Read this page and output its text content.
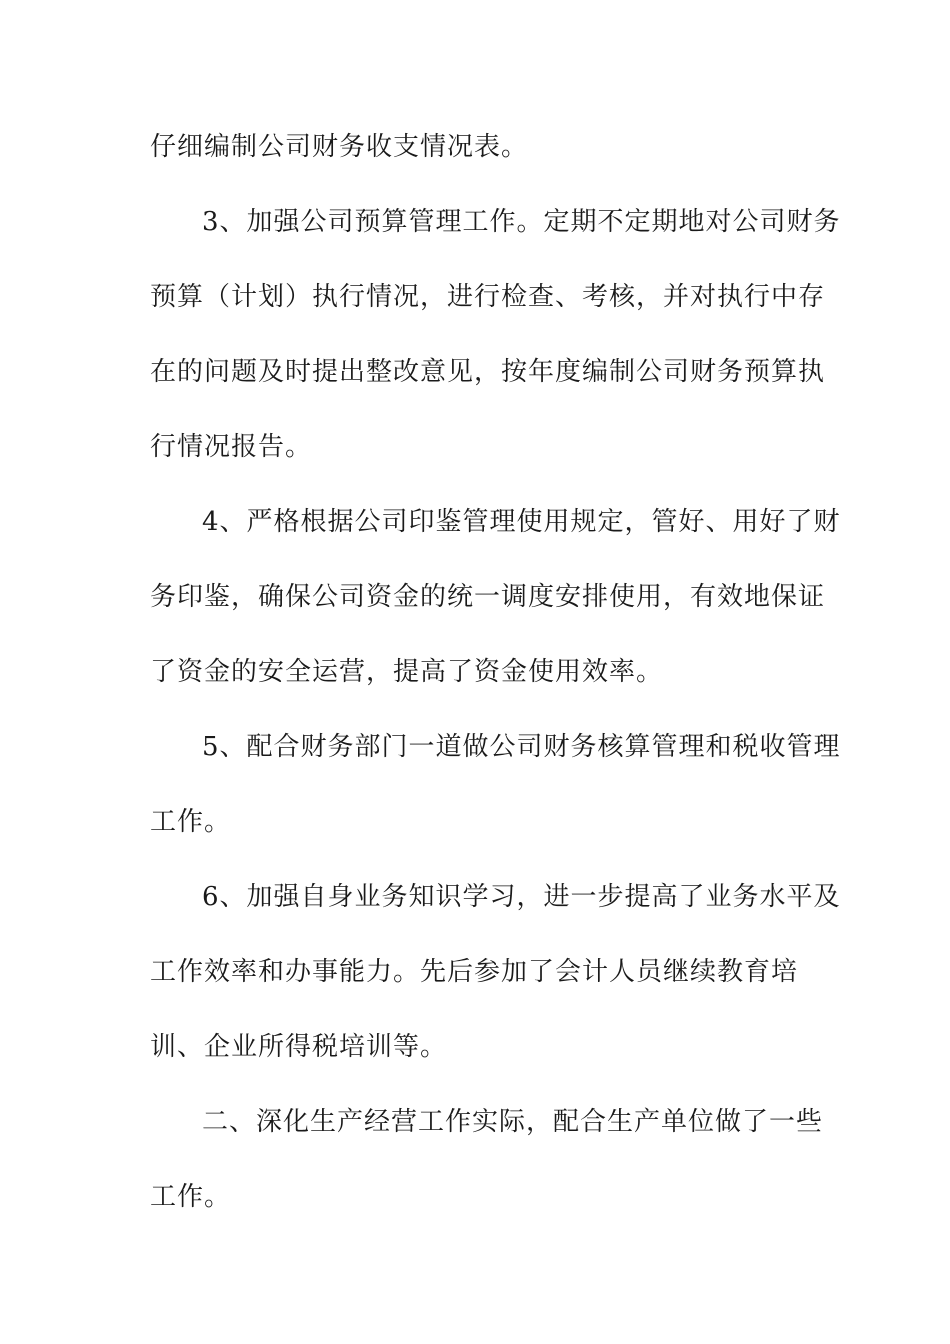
仔细编制公司财务收支情况表。
3、加强公司预算管理工作。定期不定期地对公司财务
预算（计划）执行情况，进行检查、考核，并对执行中存
在的问题及时提出整改意见，按年度编制公司财务预算执
行情况报告。
4、严格根据公司印鉴管理使用规定，管好、用好了财
务印鉴，确保公司资金的统一调度安排使用，有效地保证
了资金的安全运营，提高了资金使用效率。
5、配合财务部门一道做公司财务核算管理和税收管理
工作。
6、加强自身业务知识学习，进一步提高了业务水平及
工作效率和办事能力。先后参加了会计人员继续教育培
训、企业所得税培训等。
二、深化生产经营工作实际，配合生产单位做了一些
工作。
